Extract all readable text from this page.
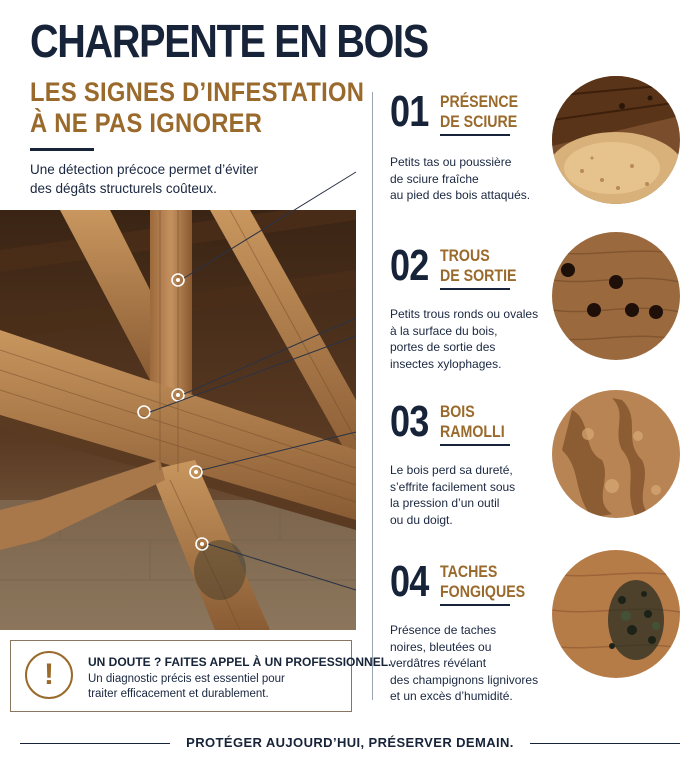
CHARPENTE EN BOIS
LES SIGNES D’INFESTATION
À NE PAS IGNORER
Une détection précoce permet d’éviter
des dégâts structurels coûteux.
01 PRÉSENCE
DE SCIURE
Petits tas ou poussière
de sciure fraîche
au pied des bois attaqués.
02 TROUS
DE SORTIE
Petits trous ronds ou ovales
à la surface du bois,
portes de sortie des
insectes xylophages.
03 BOIS
RAMOLLI
Le bois perd sa dureté,
s’effrite facilement sous
la pression d’un outil
ou du doigt.
04 TACHES
FONGIQUES
Présence de taches
noires, bleutées ou
verdâtres révélant
des champignons lignivores
et un excès d’humidité.
!	UN DOUTE ? FAITES APPEL À UN PROFESSIONNEL.
Un diagnostic précis est essentiel pour
traiter efficacement et durablement.
PROTÉGER AUJOURD’HUI, PRÉSERVER DEMAIN.
